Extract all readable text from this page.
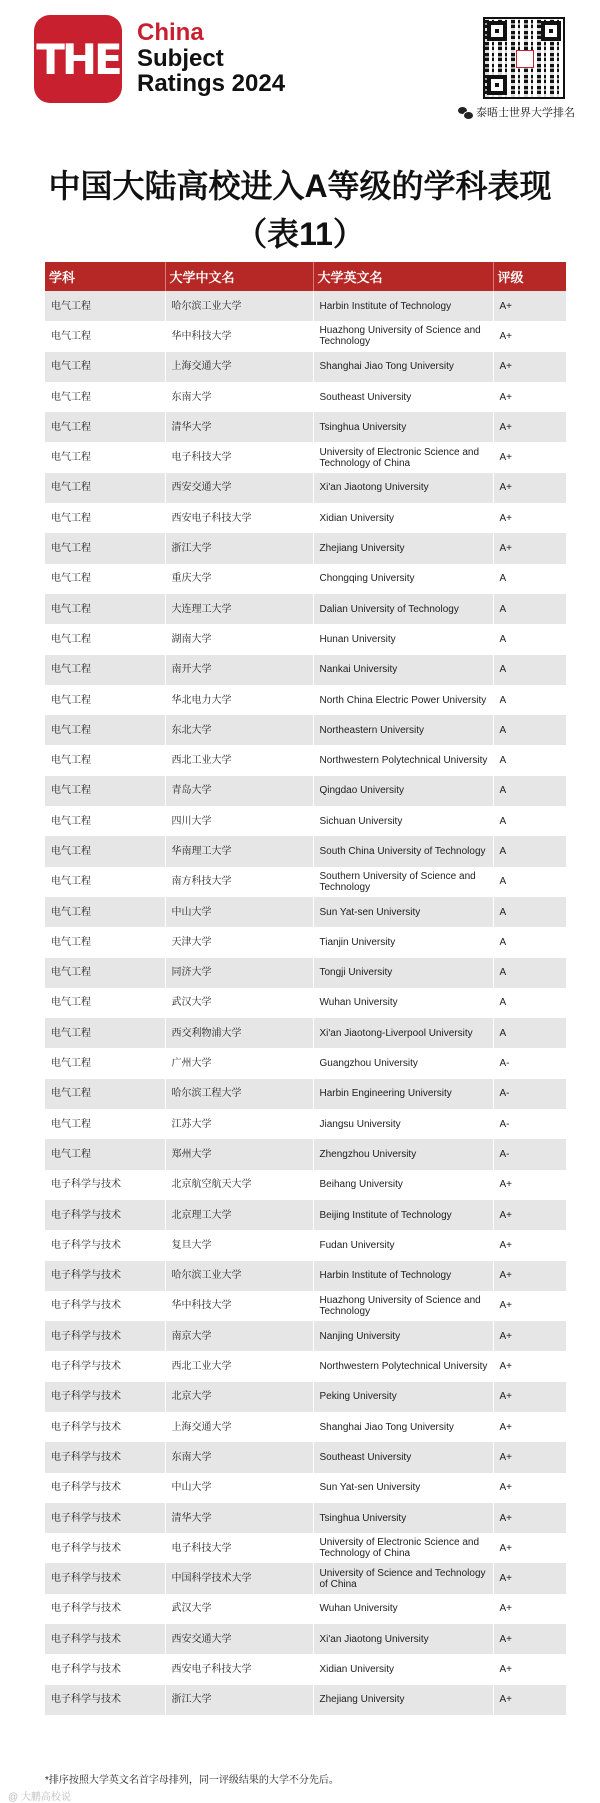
THE
China
Subject
Ratings 2024
泰晤士世界大学排名
中国大陆高校进入A等级的学科表现
（表11）
学科	大学中文名	大学英文名	评级
电气工程	哈尔滨工业大学	Harbin Institute of Technology	A+
电气工程	华中科技大学	Huazhong University of Science and Technology	A+
电气工程	上海交通大学	Shanghai Jiao Tong University	A+
电气工程	东南大学	Southeast University	A+
电气工程	清华大学	Tsinghua University	A+
电气工程	电子科技大学	University of Electronic Science and Technology of China	A+
电气工程	西安交通大学	Xi'an Jiaotong University	A+
电气工程	西安电子科技大学	Xidian University	A+
电气工程	浙江大学	Zhejiang University	A+
电气工程	重庆大学	Chongqing University	A
电气工程	大连理工大学	Dalian University of Technology	A
电气工程	湖南大学	Hunan University	A
电气工程	南开大学	Nankai University	A
电气工程	华北电力大学	North China Electric Power University	A
电气工程	东北大学	Northeastern University	A
电气工程	西北工业大学	Northwestern Polytechnical University	A
电气工程	青岛大学	Qingdao University	A
电气工程	四川大学	Sichuan University	A
电气工程	华南理工大学	South China University of Technology	A
电气工程	南方科技大学	Southern University of Science and Technology	A
电气工程	中山大学	Sun Yat-sen University	A
电气工程	天津大学	Tianjin University	A
电气工程	同济大学	Tongji University	A
电气工程	武汉大学	Wuhan University	A
电气工程	西交利物浦大学	Xi'an Jiaotong-Liverpool University	A
电气工程	广州大学	Guangzhou University	A-
电气工程	哈尔滨工程大学	Harbin Engineering University	A-
电气工程	江苏大学	Jiangsu University	A-
电气工程	郑州大学	Zhengzhou University	A-
电子科学与技术	北京航空航天大学	Beihang University	A+
电子科学与技术	北京理工大学	Beijing Institute of Technology	A+
电子科学与技术	复旦大学	Fudan University	A+
电子科学与技术	哈尔滨工业大学	Harbin Institute of Technology	A+
电子科学与技术	华中科技大学	Huazhong University of Science and Technology	A+
电子科学与技术	南京大学	Nanjing University	A+
电子科学与技术	西北工业大学	Northwestern Polytechnical University	A+
电子科学与技术	北京大学	Peking University	A+
电子科学与技术	上海交通大学	Shanghai Jiao Tong University	A+
电子科学与技术	东南大学	Southeast University	A+
电子科学与技术	中山大学	Sun Yat-sen University	A+
电子科学与技术	清华大学	Tsinghua University	A+
电子科学与技术	电子科技大学	University of Electronic Science and Technology of China	A+
电子科学与技术	中国科学技术大学	University of Science and Technology of China	A+
电子科学与技术	武汉大学	Wuhan University	A+
电子科学与技术	西安交通大学	Xi'an Jiaotong University	A+
电子科学与技术	西安电子科技大学	Xidian University	A+
电子科学与技术	浙江大学	Zhejiang University	A+
*排序按照大学英文名首字母排列，同一评级结果的大学不分先后。
@ 大鹏高校说
